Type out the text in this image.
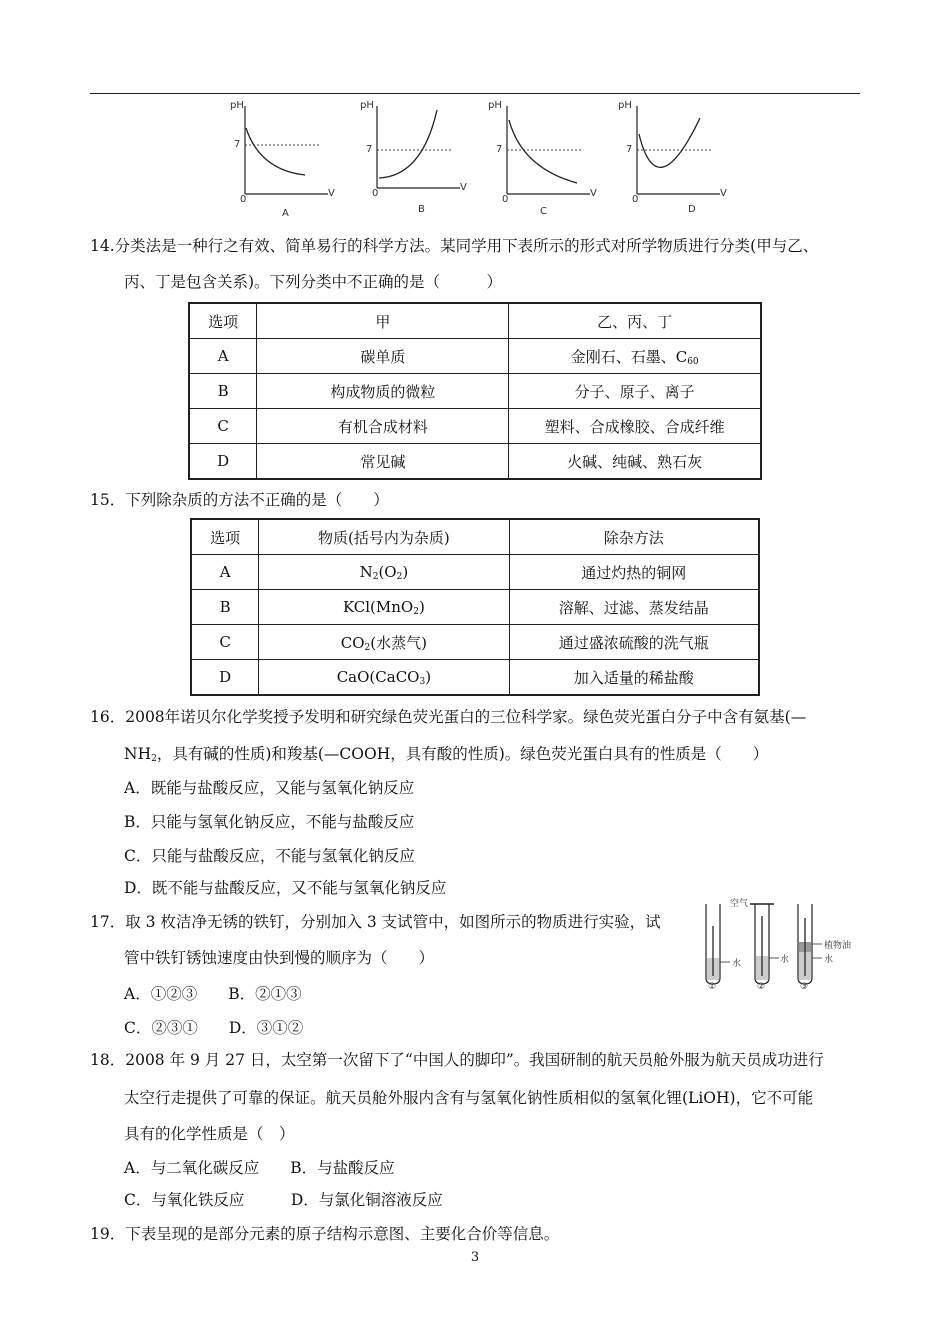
pH
7
0
V
A
pH
7
0
V
B
pH
7
0
V
C
pH
7
0
V
D
14.分类法是一种行之有效、简单易行的科学方法。某同学用下表所示的形式对所学物质进行分类(甲与乙、
丙、丁是包含关系)。下列分类中不正确的是（　　　）
选项	甲	乙、丙、丁
A	碳单质	金刚石、石墨、$C_{60}$
B	构成物质的微粒	分子、原子、离子
C	有机合成材料	塑料、合成橡胶、合成纤维
D	常见碱	火碱、纯碱、熟石灰
15．下列除杂质的方法不正确的是（　　）
选项	物质(括号内为杂质)	除杂方法
A	$N_2(O_2)$	通过灼热的铜网
B	KCl(MnO$_2$)	溶解、过滤、蒸发结晶
C	$CO_2$(水蒸气)	通过盛浓硫酸的洗气瓶
D	CaO(CaCO$_3$)	加入适量的稀盐酸
16．2008年诺贝尔化学奖授予发明和研究绿色荧光蛋白的三位科学家。绿色荧光蛋白分子中含有氨基(—
$NH_2$，具有碱的性质)和羧基(—COOH，具有酸的性质)。绿色荧光蛋白具有的性质是（　　）
A．既能与盐酸反应，又能与氢氧化钠反应
B．只能与氢氧化钠反应，不能与盐酸反应
C．只能与盐酸反应，不能与氢氧化钠反应
D．既不能与盐酸反应，又不能与氢氧化钠反应
17．取 3 枚洁净无锈的铁钉，分别加入 3 支试管中，如图所示的物质进行实验，试
管中铁钉锈蚀速度由快到慢的顺序为（　　）
A．①②③　　B．②①③
C．②③①　　D．③①②
空气
植物油
水	水	水
①	②	③
18．2008 年 9 月 27 日，太空第一次留下了“中国人的脚印”。我国研制的航天员舱外服为航天员成功进行
太空行走提供了可靠的保证。航天员舱外服内含有与氢氧化钠性质相似的氢氧化锂(LiOH)，它不可能
具有的化学性质是（　）
A．与二氧化碳反应　　B．与盐酸反应
C．与氧化铁反应　　　D．与氯化铜溶液反应
19．下表呈现的是部分元素的原子结构示意图、主要化合价等信息。
3
